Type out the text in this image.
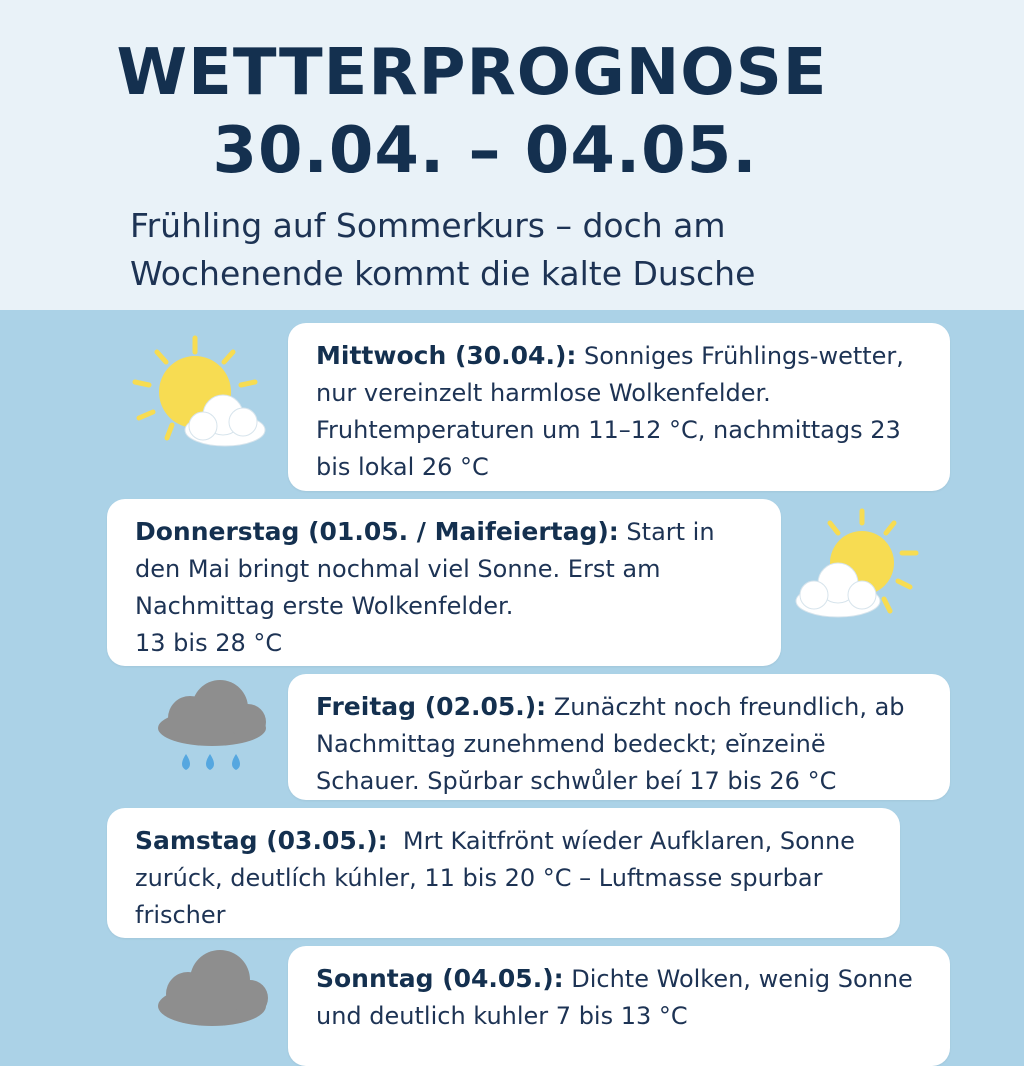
WETTERPROGNOSE
30.04. – 04.05.
Frühling auf Sommerkurs – doch am
Wochenende kommt die kalte Dusche
Mittwoch (30.04.): Sonniges Frühlings-wetter, nur vereinzelt harmlose Wolkenfelder. Fruhtemperaturen um 11–12 °C, nachmittags 23 bis lokal 26 °C
Donnerstag (01.05. / Maifeiertag): Start in den Mai bringt nochmal viel Sonne. Erst am Nachmittag erste Wolkenfelder.
13 bis 28 °C
Freitag (02.05.): Zunäczht noch freundlich, ab Nachmittag zunehmend bedeckt; eĭnzeinë Schauer. Spŭrbar schwůler beí 17 bis 26 °C
Samstag (03.05.):  Mrt Kaitfrönt wíeder Aufklaren, Sonne zurúck, deutlích kúhler, 11 bis 20 °C – Luftmasse spurbar frischer
Sonntag (04.05.): Dichte Wolken, wenig Sonne und deutlich kuhler 7 bis 13 °C
